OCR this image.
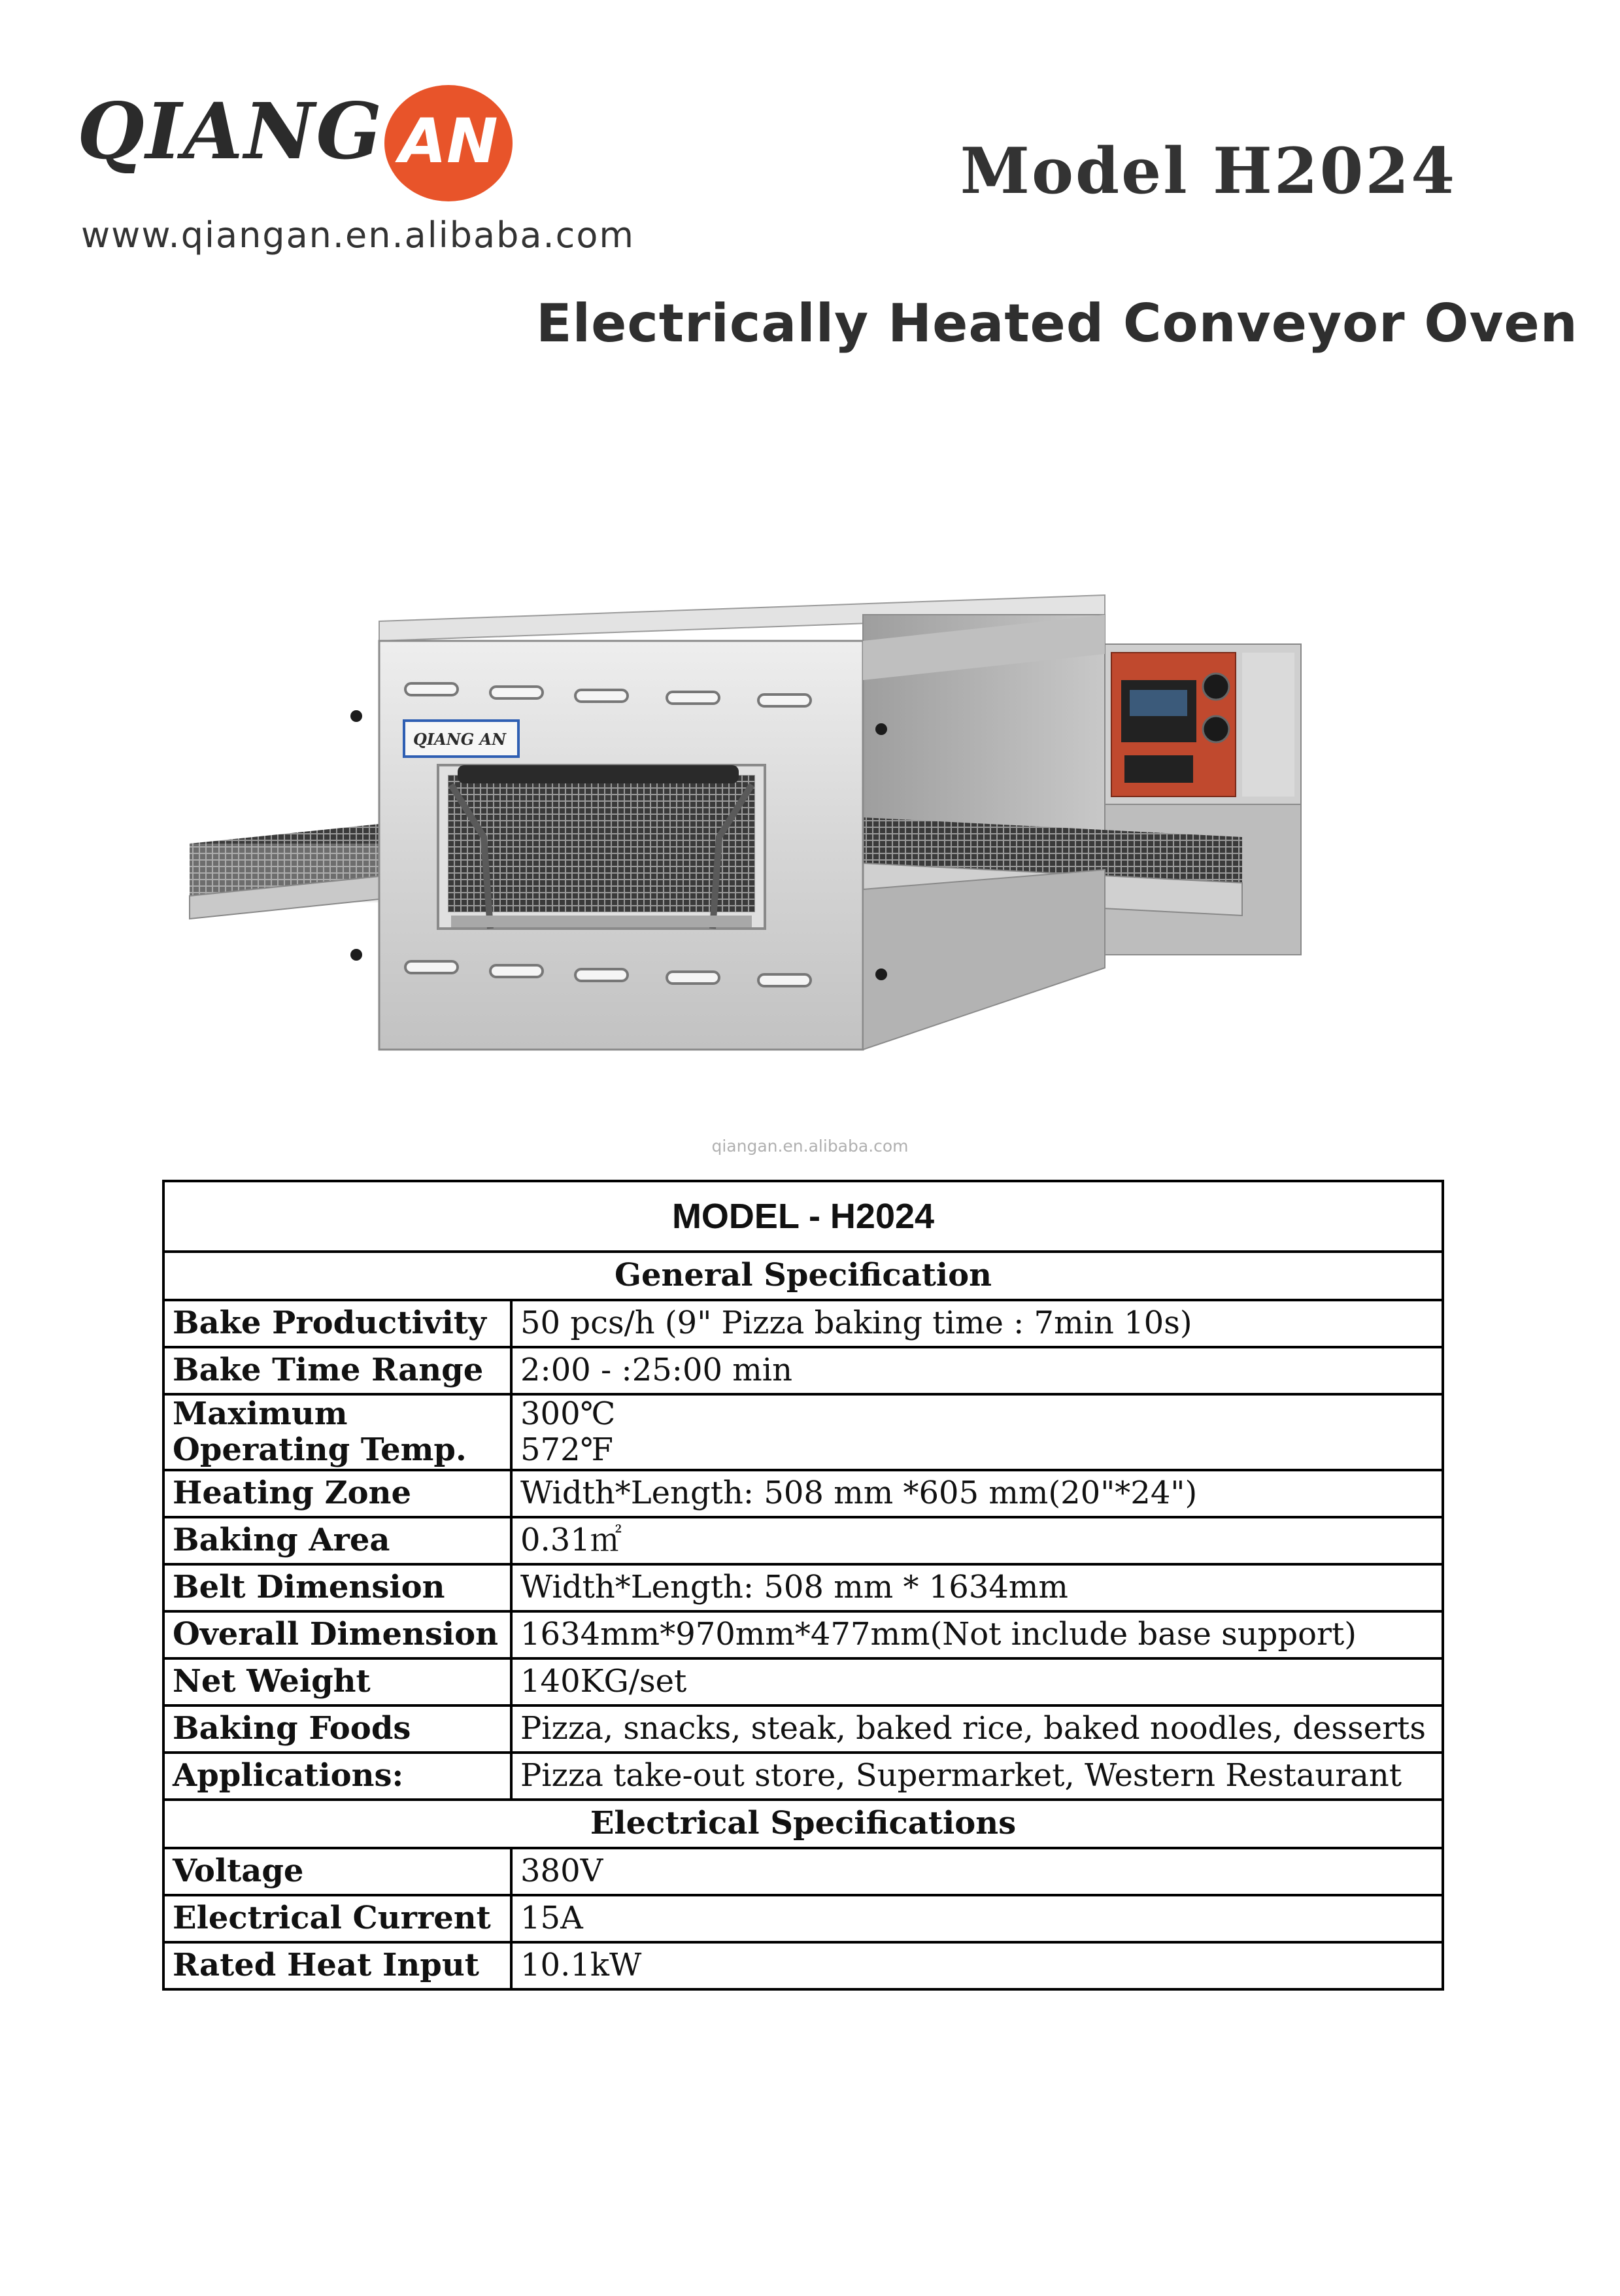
QIANG AN
www.qiangan.en.alibaba.com
Model H2024
Electrically Heated Conveyor Oven
QIANG AN
qiangan.en.alibaba.com
MODEL - H2024	
General Specification	
Bake Productivity	50 pcs/h (9" Pizza baking time : 7min 10s)
Bake Time Range	2:00 - :25:00 min
Maximum Operating Temp.	300℃
572℉

Heating Zone	Width*Length: 508 mm *605 mm(20"*24")
Baking Area	0.31㎡
Belt Dimension	Width*Length: 508 mm * 1634mm
Overall Dimension	1634mm*970mm*477mm(Not include base support)
Net Weight	140KG/set
Baking Foods	Pizza, snacks, steak, baked rice, baked noodles, desserts
Applications:	Pizza take-out store, Supermarket, Western Restaurant
Electrical Specifications	
Voltage	380V
Electrical Current	15A
Rated Heat Input	10.1kW
